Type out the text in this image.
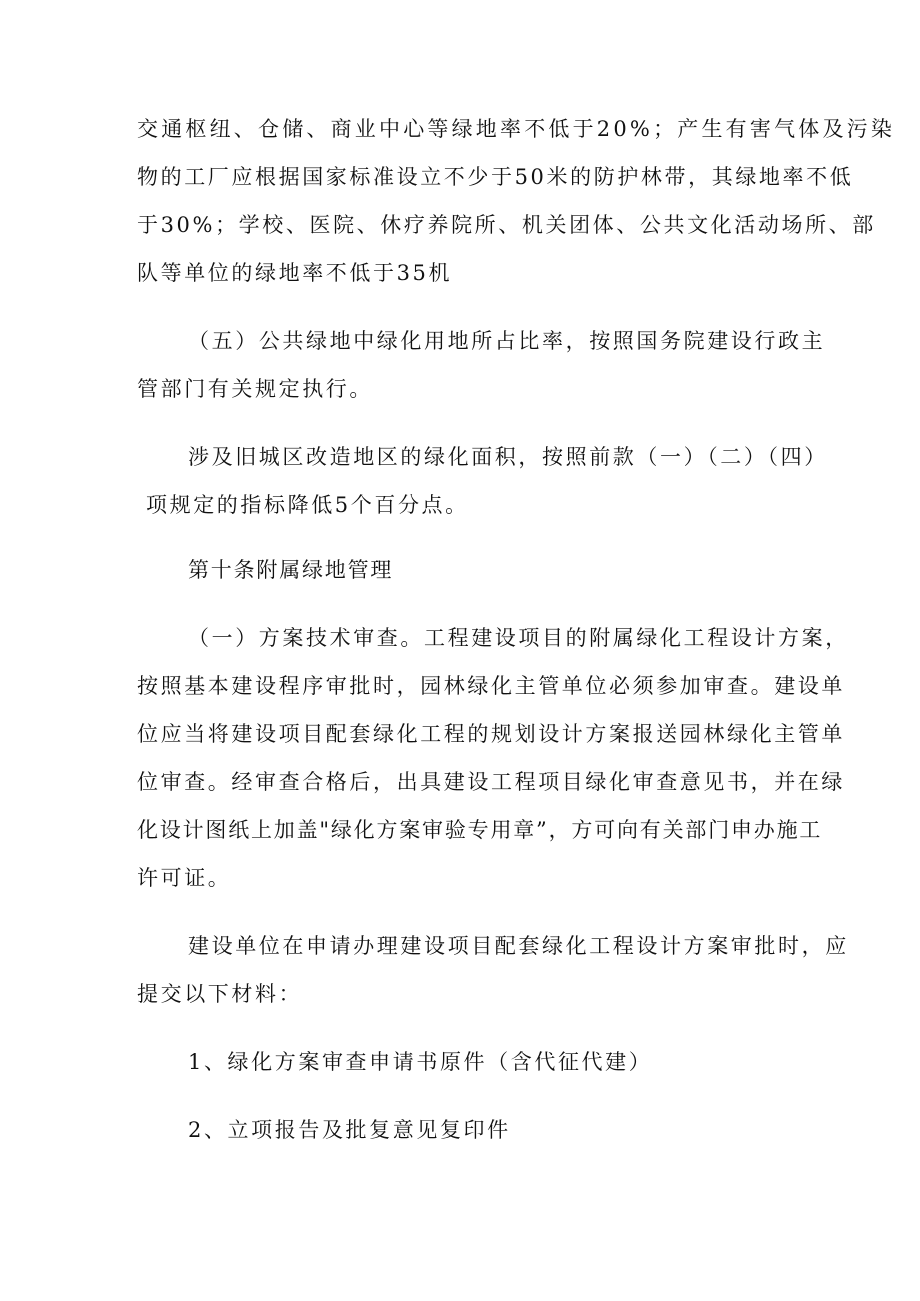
交通枢纽、仓储、商业中心等绿地率不低于20%；产生有害气体及污染
物的工厂应根据国家标准设立不少于50米的防护林带，其绿地率不低
于30%；学校、医院、休疗养院所、机关团体、公共文化活动场所、部
队等单位的绿地率不低于35机
（五）公共绿地中绿化用地所占比率，按照国务院建设行政主
管部门有关规定执行。
涉及旧城区改造地区的绿化面积，按照前款（一）（二）（四）
项规定的指标降低5个百分点。
第十条附属绿地管理
（一）方案技术审查。工程建设项目的附属绿化工程设计方案，
按照基本建设程序审批时，园林绿化主管单位必须参加审查。建设单
位应当将建设项目配套绿化工程的规划设计方案报送园林绿化主管单
位审查。经审查合格后，出具建设工程项目绿化审查意见书，并在绿
化设计图纸上加盖"绿化方案审验专用章”，方可向有关部门申办施工
许可证。
建设单位在申请办理建设项目配套绿化工程设计方案审批时，应
提交以下材料：
1、绿化方案审查申请书原件（含代征代建）
2、立项报告及批复意见复印件
